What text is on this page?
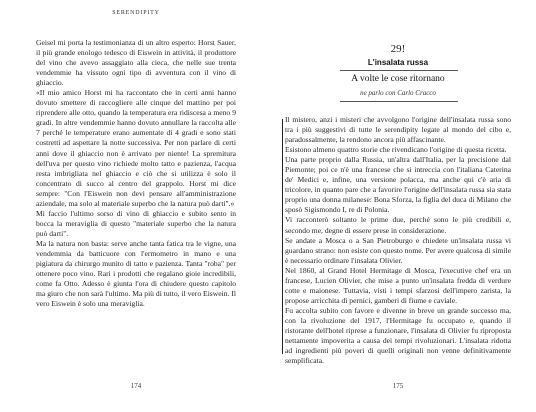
SERENDIPITY

Geisel mi porta la testimonianza di un altro esperto: Horst Sauer, il più grande enologo tedesco di Eiswein in attività, il produttore del vino che avevo assaggiato alla cieca, che nelle sue trenta vendemmie ha vissuto ogni tipo di avventura con il vino di ghiaccio.

«Il mio amico Horst mi ha raccontato che in certi anni hanno dovuto smettere di raccogliere alle cinque del mattino per poi riprendere alle otto, quando la temperatura era ridiscesa a meno 9 gradi. In altre vendemmie hanno dovuto annullare la raccolta alle 7 perché le temperature erano aumentate di 4 gradi e sono stati costretti ad aspettare la notte successiva. Per non parlare di certi anni dove il ghiaccio non è arrivato per niente! La spremitura dell'uva per questo vino richiede molto tatto e pazienza, l'acqua resta imbrigliata nel ghiaccio e ciò che si utilizza è solo il concentrato di succo al centro del grappolo. Horst mi dice sempre: "Con l'Eiswein non devi pensare all'amministrazione aziendale, ma solo al materiale superbo che la natura può darti".»

Mi faccio l'ultimo sorso di vino di ghiaccio e subito sento in bocca la meraviglia di questo "materiale superbo che la natura può darti".

Ma la natura non basta: serve anche tanta fatica tra le vigne, una vendemmia da batticuore con l'ermometro in mano e una pigiatura da chirurgo munito di tatto e pazienza. Tanta "roba" per ottenere poco vino. Rari i prodotti che regalano gioie incredibili, come fa Otto. Adesso è giunta l'ora di chiudere questo capitolo ma giuro che non sarà l'ultimo. Ma più di tutto, il vero Eiswein. Il vero Eiswein è solo una meraviglia.

174
29!
L'insalata russa
A volte le cose ritornano
ne parlo con Carlo Cracco

Il mistero, anzi i misteri che avvolgono l'origine dell'insalata russa sono tra i più suggestivi di tutte le serendipity legate al mondo del cibo e, paradossalmente, la rendono ancora più affascinante.

Esistono almeno quattro storie che rivendicano l'origine di questa ricetta.

Una parte proprio dalla Russia, un'altra dall'Italia, per la precisione dal Piemonte; poi ce n'è una francese che si intreccia con l'italiana Caterina de' Medici e, infine, una versione polacca, ma anche qui c'è aria di tricolore, in quanto pare che a favorire l'origine dell'insalata russa sia stata proprio una donna milanese: Bona Sforza, la figlia del duca di Milano che sposò Sigismondo I, re di Polonia.

Vi racconterò soltanto le prime due, perché sono le più credibili e, secondo me, degne di essere prese in considerazione.

Se andate a Mosca o a San Pietroburgo e chiedete un'insalata russa vi guardano strano: non esiste con questo nome. Per avere qualcosa di simile è necessario ordinare l'insalata Olivier.

Nel 1860, al Grand Hotel Hermitage di Mosca, l'executive chef era un francese, Lucien Olivier, che mise a punto un'insalata fredda di verdure cotte e maionese. Tuttavia, visti i tempi sfarzosi dell'impero zarista, la propose arricchita di pernici, gamberi di fiume e caviale.

Fu accolta subito con favore e divenne in breve un grande successo ma, con la rivoluzione del 1917, l'Hermitage fu occupato e, quando il ristorante dell'hotel riprese a funzionare, l'insalata di Olivier fu riproposta nettamente impoverita a causa dei tempi rivoluzionari. L'insalata ridotta ad ingredienti più poveri di quelli originali non venne definitivamente semplificata.

175
